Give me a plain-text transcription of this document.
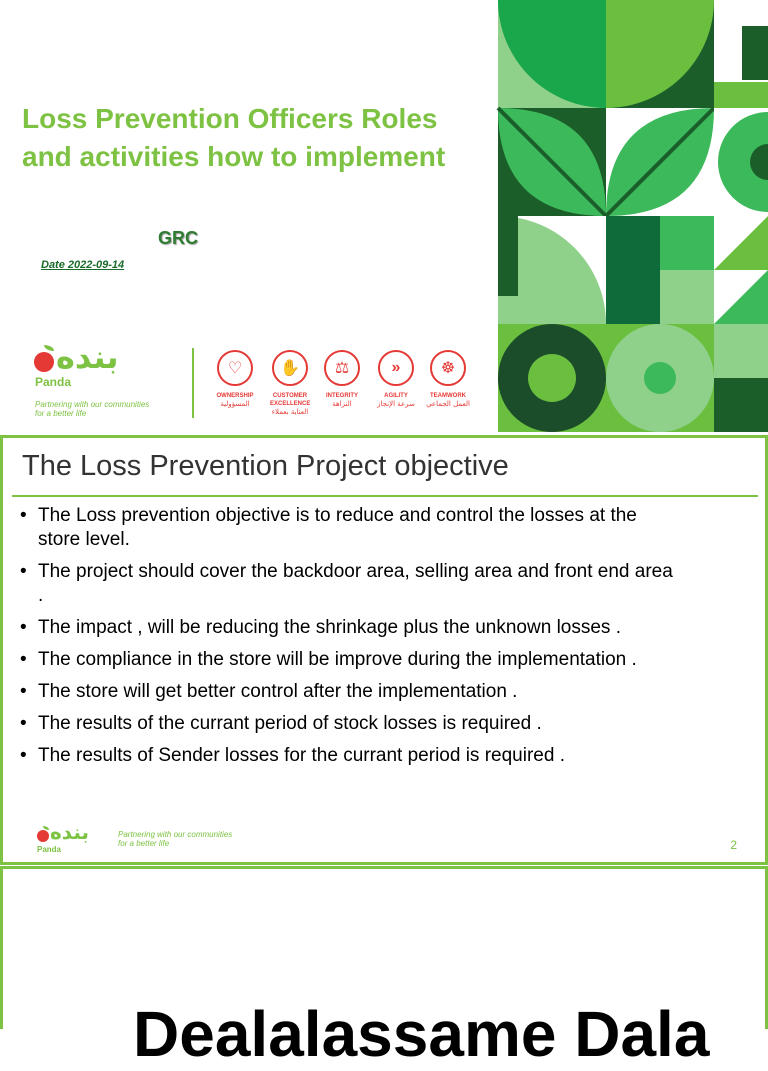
Loss Prevention Officers Roles and activities how to implement
GRC
Date 2022-09-14
بنده
Panda
Partnering with our communities
for a better life
♡
OWNERSHIP
المسؤولية
✋
CUSTOMER EXCELLENCE
العناية بعملاء
⚖
INTEGRITY
النزاهة
»
AGILITY
سرعة الإنجاز
☸
TEAMWORK
العمل الجماعي
The Loss Prevention Project objective
• The Loss prevention objective is to reduce and control the losses at the store level.
• The project should cover the backdoor area, selling area and front end area .
• The impact , will be reducing the shrinkage plus the unknown losses .
• The compliance in the store will be improve during the implementation .
• The store will get better control after the implementation .
• The results of the currant period of stock losses is required .
• The results of Sender losses for the currant period is required .
بنده
Panda
Partnering with our communities
for a better life	2
Dealalassame Dala
